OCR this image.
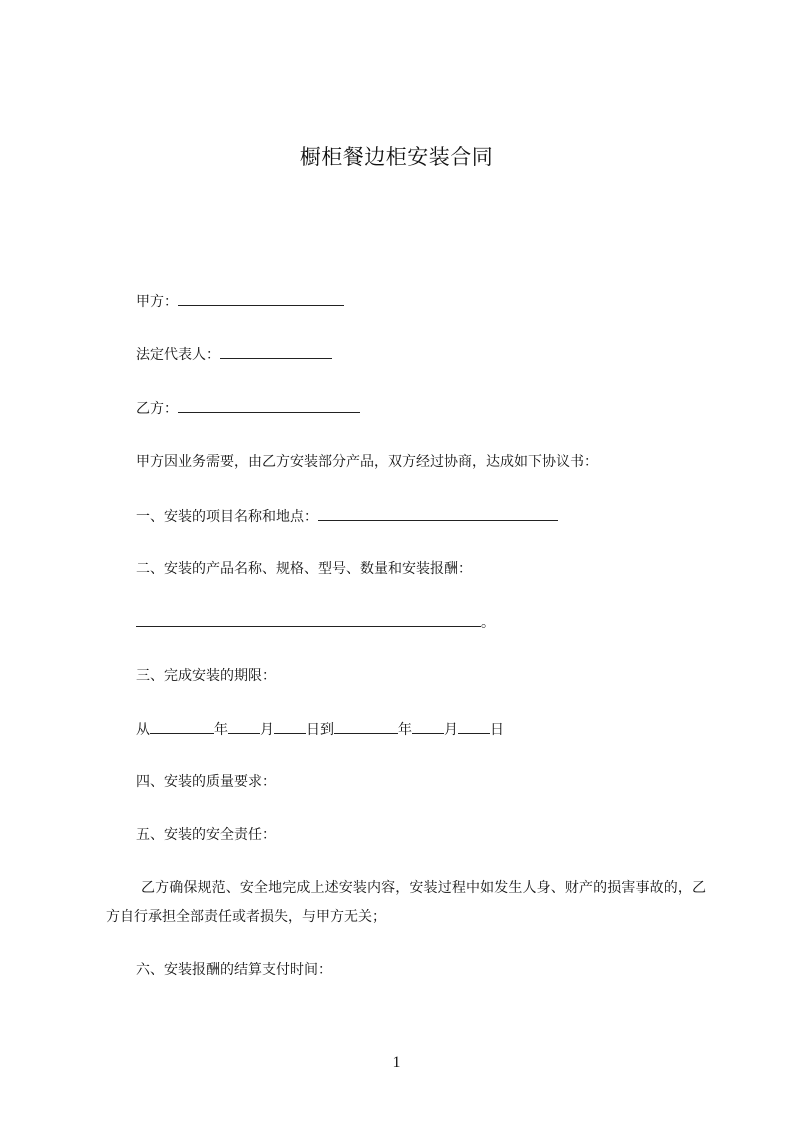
橱柜餐边柜安装合同
甲方：
法定代表人：
乙方：
甲方因业务需要，由乙方安装部分产品，双方经过协商，达成如下协议书：
一、安装的项目名称和地点：
二、安装的产品名称、规格、型号、数量和安装报酬：
。
三、完成安装的期限：
从	年 月 日到	年 月 日
四、安装的质量要求：
五、安装的安全责任：
乙方确保规范、安全地完成上述安装内容，安装过程中如发生人身、财产的损害事故的，乙方自行承担全部责任或者损失，与甲方无关；
六、安装报酬的结算支付时间：
1
